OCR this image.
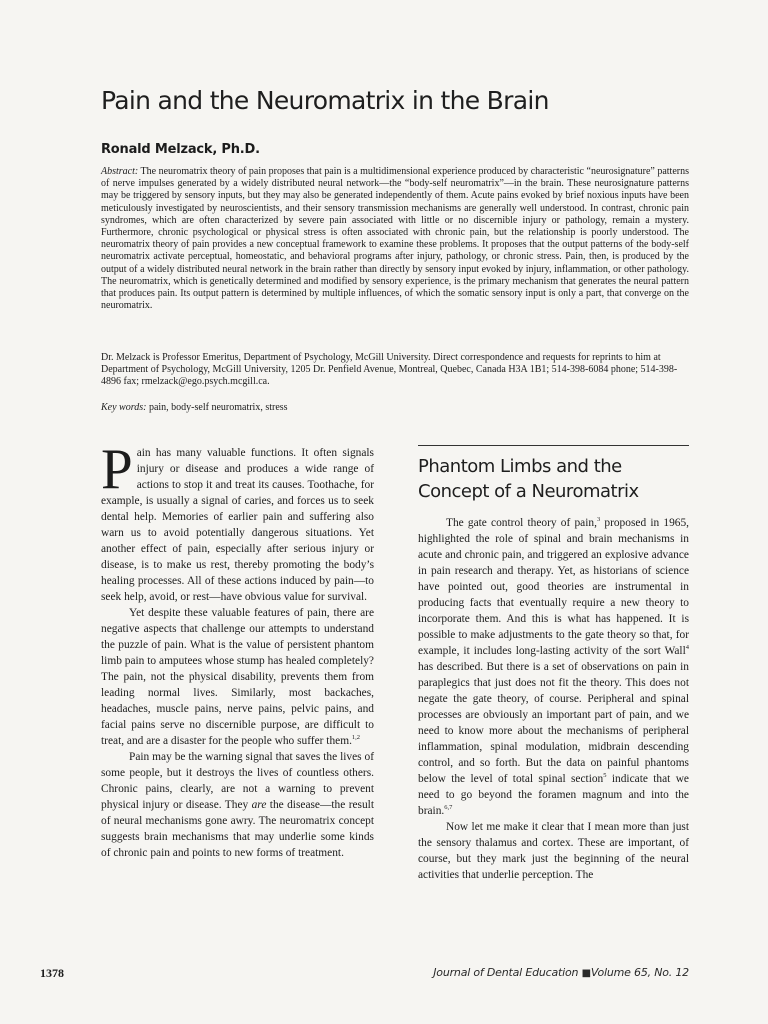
Pain and the Neuromatrix in the Brain
Ronald Melzack, Ph.D.

Abstract: The neuromatrix theory of pain proposes that pain is a multidimensional experience produced by characteristic “neurosignature” patterns of nerve impulses generated by a widely distributed neural network—the “body-self neuromatrix”—in the brain. These neurosignature patterns may be triggered by sensory inputs, but they may also be generated independently of them. Acute pains evoked by brief noxious inputs have been meticulously investigated by neuroscientists, and their sensory transmission mechanisms are generally well understood. In contrast, chronic pain syndromes, which are often characterized by severe pain associated with little or no discernible injury or pathology, remain a mystery. Furthermore, chronic psychological or physical stress is often associated with chronic pain, but the relationship is poorly understood. The neuromatrix theory of pain provides a new conceptual framework to examine these problems. It proposes that the output patterns of the body-self neuromatrix activate perceptual, homeostatic, and behavioral programs after injury, pathology, or chronic stress. Pain, then, is produced by the output of a widely distributed neural network in the brain rather than directly by sensory input evoked by injury, inflammation, or other pathology. The neuromatrix, which is genetically determined and modified by sensory experience, is the primary mechanism that generates the neural pattern that produces pain. Its output pattern is determined by multiple influences, of which the somatic sensory input is only a part, that converge on the neuromatrix.

Dr. Melzack is Professor Emeritus, Department of Psychology, McGill University. Direct correspondence and requests for reprints to him at Department of Psychology, McGill University, 1205 Dr. Penfield Avenue, Montreal, Quebec, Canada H3A 1B1; 514-398-6084 phone; 514-398-4896 fax; rmelzack@ego.psych.mcgill.ca.

Key words: pain, body-self neuromatrix, stress

Pain has many valuable functions. It often signals injury or disease and produces a wide range of actions to stop it and treat its causes. Toothache, for example, is usually a signal of caries, and forces us to seek dental help. Memories of earlier pain and suffering also warn us to avoid potentially dangerous situations. Yet another effect of pain, especially after serious injury or disease, is to make us rest, thereby promoting the body’s healing processes. All of these actions induced by pain—to seek help, avoid, or rest—have obvious value for survival.

Yet despite these valuable features of pain, there are negative aspects that challenge our attempts to understand the puzzle of pain. What is the value of persistent phantom limb pain to amputees whose stump has healed completely? The pain, not the physical disability, prevents them from leading normal lives. Similarly, most backaches, headaches, muscle pains, nerve pains, pelvic pains, and facial pains serve no discernible purpose, are difficult to treat, and are a disaster for the people who suffer them.$^{1,2}$

Pain may be the warning signal that saves the lives of some people, but it destroys the lives of countless others. Chronic pains, clearly, are not a warning to prevent physical injury or disease. They are the disease—the result of neural mechanisms gone awry. The neuromatrix concept suggests brain mechanisms that may underlie some kinds of chronic pain and points to new forms of treatment.

Phantom Limbs and the Concept of a Neuromatrix

The gate control theory of pain,$^3$ proposed in 1965, highlighted the role of spinal and brain mechanisms in acute and chronic pain, and triggered an explosive advance in pain research and therapy. Yet, as historians of science have pointed out, good theories are instrumental in producing facts that eventually require a new theory to incorporate them. And this is what has happened. It is possible to make adjustments to the gate theory so that, for example, it includes long-lasting activity of the sort Wall$^4$ has described. But there is a set of observations on pain in paraplegics that just does not fit the theory. This does not negate the gate theory, of course. Peripheral and spinal processes are obviously an important part of pain, and we need to know more about the mechanisms of peripheral inflammation, spinal modulation, midbrain descending control, and so forth. But the data on painful phantoms below the level of total spinal section$^5$ indicate that we need to go beyond the foramen magnum and into the brain.$^{6,7}$

Now let me make it clear that I mean more than just the sensory thalamus and cortex. These are important, of course, but they mark just the beginning of the neural activities that underlie perception. The

1378	Journal of Dental Education ■Volume 65, No. 12
